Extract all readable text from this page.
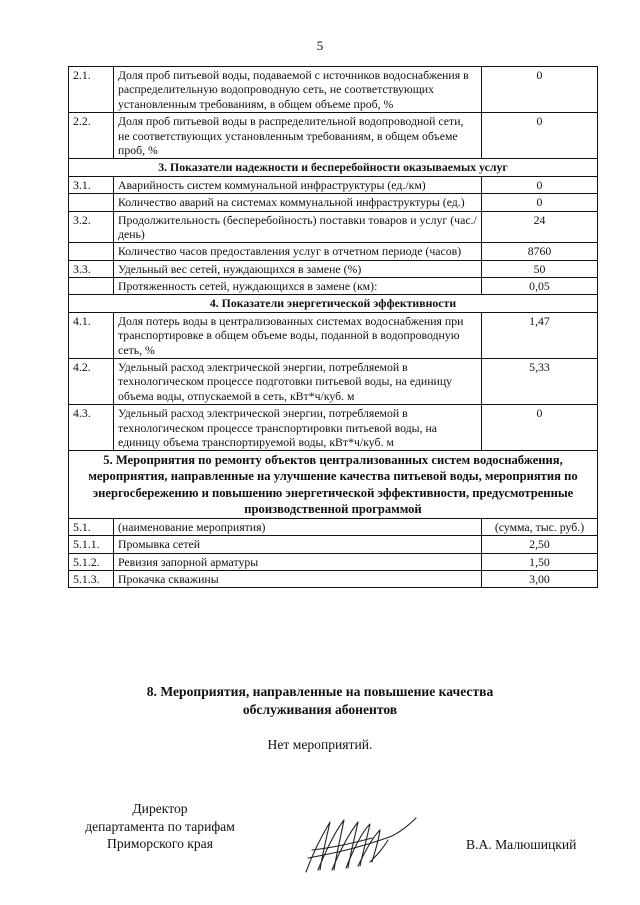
5
2.1.	Доля проб питьевой воды, подаваемой с источников водоснабжения в распределительную водопроводную сеть, не соответствующих установленным требованиям, в общем объеме проб, %	0
2.2.	Доля проб питьевой воды в распределительной водопроводной сети, не соответствующих установленным требованиям, в общем объеме проб, %	0
3. Показатели надежности и бесперебойности оказываемых услуг		
3.1.	Аварийность систем коммунальной инфраструктуры (ед./км)	0
	Количество аварий на системах коммунальной инфраструктуры (ед.)	0
3.2.	Продолжительность (бесперебойность) поставки товаров и услуг (час./день)	24
	Количество часов предоставления услуг в отчетном периоде (часов)	8760
3.3.	Удельный вес сетей, нуждающихся в замене (%)	50
	Протяженность сетей, нуждающихся в замене (км):	0,05
4. Показатели энергетической эффективности		
4.1.	Доля потерь воды в централизованных системах водоснабжения при транспортировке в общем объеме воды, поданной в водопроводную сеть, %	1,47
4.2.	Удельный расход электрической энергии, потребляемой в технологическом процессе подготовки питьевой воды, на единицу объема воды, отпускаемой в сеть, кВт*ч/куб. м	5,33
4.3.	Удельный расход электрической энергии, потребляемой в технологическом процессе транспортировки питьевой воды, на единицу объема транспортируемой воды, кВт*ч/куб. м	0
5. Мероприятия по ремонту объектов централизованных систем водоснабжения, мероприятия, направленные на улучшение качества питьевой воды, мероприятия по энергосбережению и повышению энергетической эффективности, предусмотренные производственной программой		
5.1.	(наименование мероприятия)	(сумма, тыс. руб.)
5.1.1.	Промывка сетей	2,50
5.1.2.	Ревизия запорной арматуры	1,50
5.1.3.	Прокачка скважины	3,00
8. Мероприятия, направленные на повышение качества
обслуживания абонентов
Нет мероприятий.
Директор
департамента по тарифам
Приморского края	В.А. Малюшицкий
